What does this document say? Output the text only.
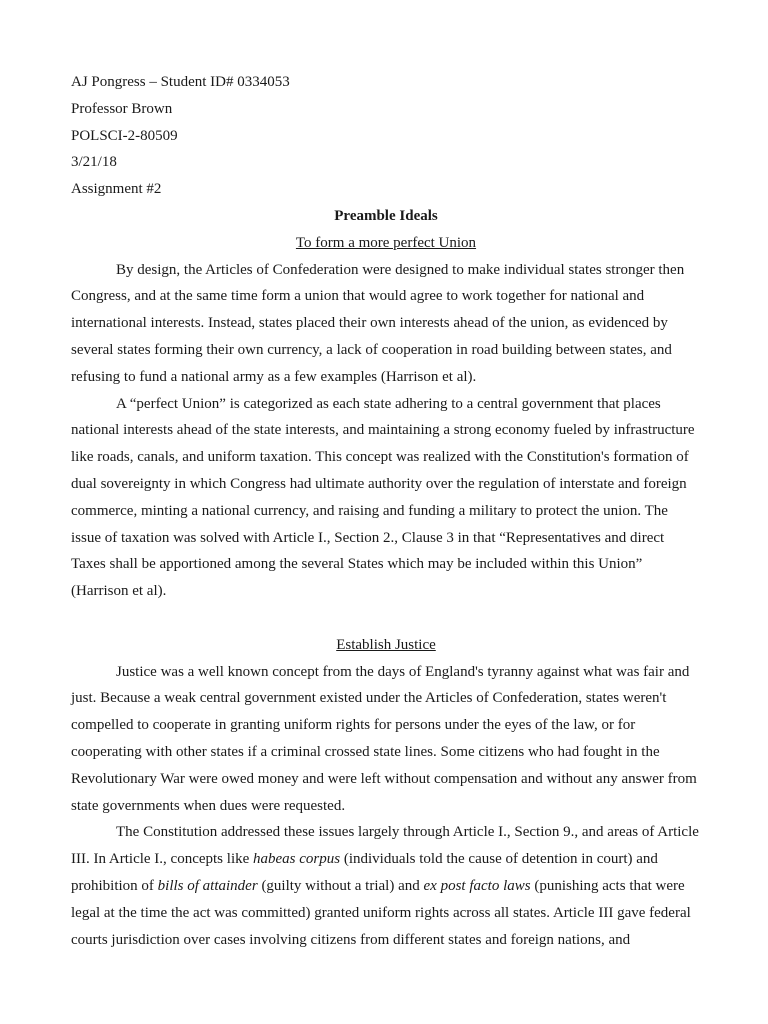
AJ Pongress – Student ID# 0334053

Professor Brown

POLSCI-2-80509

3/21/18

Assignment #2

Preamble Ideals

To form a more perfect Union

By design, the Articles of Confederation were designed to make individual states stronger then Congress, and at the same time form a union that would agree to work together for national and international interests. Instead, states placed their own interests ahead of the union, as evidenced by several states forming their own currency, a lack of cooperation in road building between states, and refusing to fund a national army as a few examples (Harrison et al).

A “perfect Union” is categorized as each state adhering to a central government that places national interests ahead of the state interests, and maintaining a strong economy fueled by infrastructure like roads, canals, and uniform taxation. This concept was realized with the Constitution's formation of dual sovereignty in which Congress had ultimate authority over the regulation of interstate and foreign commerce, minting a national currency, and raising and funding a military to protect the union. The issue of taxation was solved with Article I., Section 2., Clause 3 in that “Representatives and direct Taxes shall be apportioned among the several States which may be included within this Union” (Harrison et al).

Establish Justice

Justice was a well known concept from the days of England's tyranny against what was fair and just. Because a weak central government existed under the Articles of Confederation, states weren't compelled to cooperate in granting uniform rights for persons under the eyes of the law, or for cooperating with other states if a criminal crossed state lines. Some citizens who had fought in the Revolutionary War were owed money and were left without compensation and without any answer from state governments when dues were requested.

The Constitution addressed these issues largely through Article I., Section 9., and areas of Article III. In Article I., concepts like habeas corpus (individuals told the cause of detention in court) and prohibition of bills of attainder (guilty without a trial) and ex post facto laws (punishing acts that were legal at the time the act was committed) granted uniform rights across all states. Article III gave federal courts jurisdiction over cases involving citizens from different states and foreign nations, and
